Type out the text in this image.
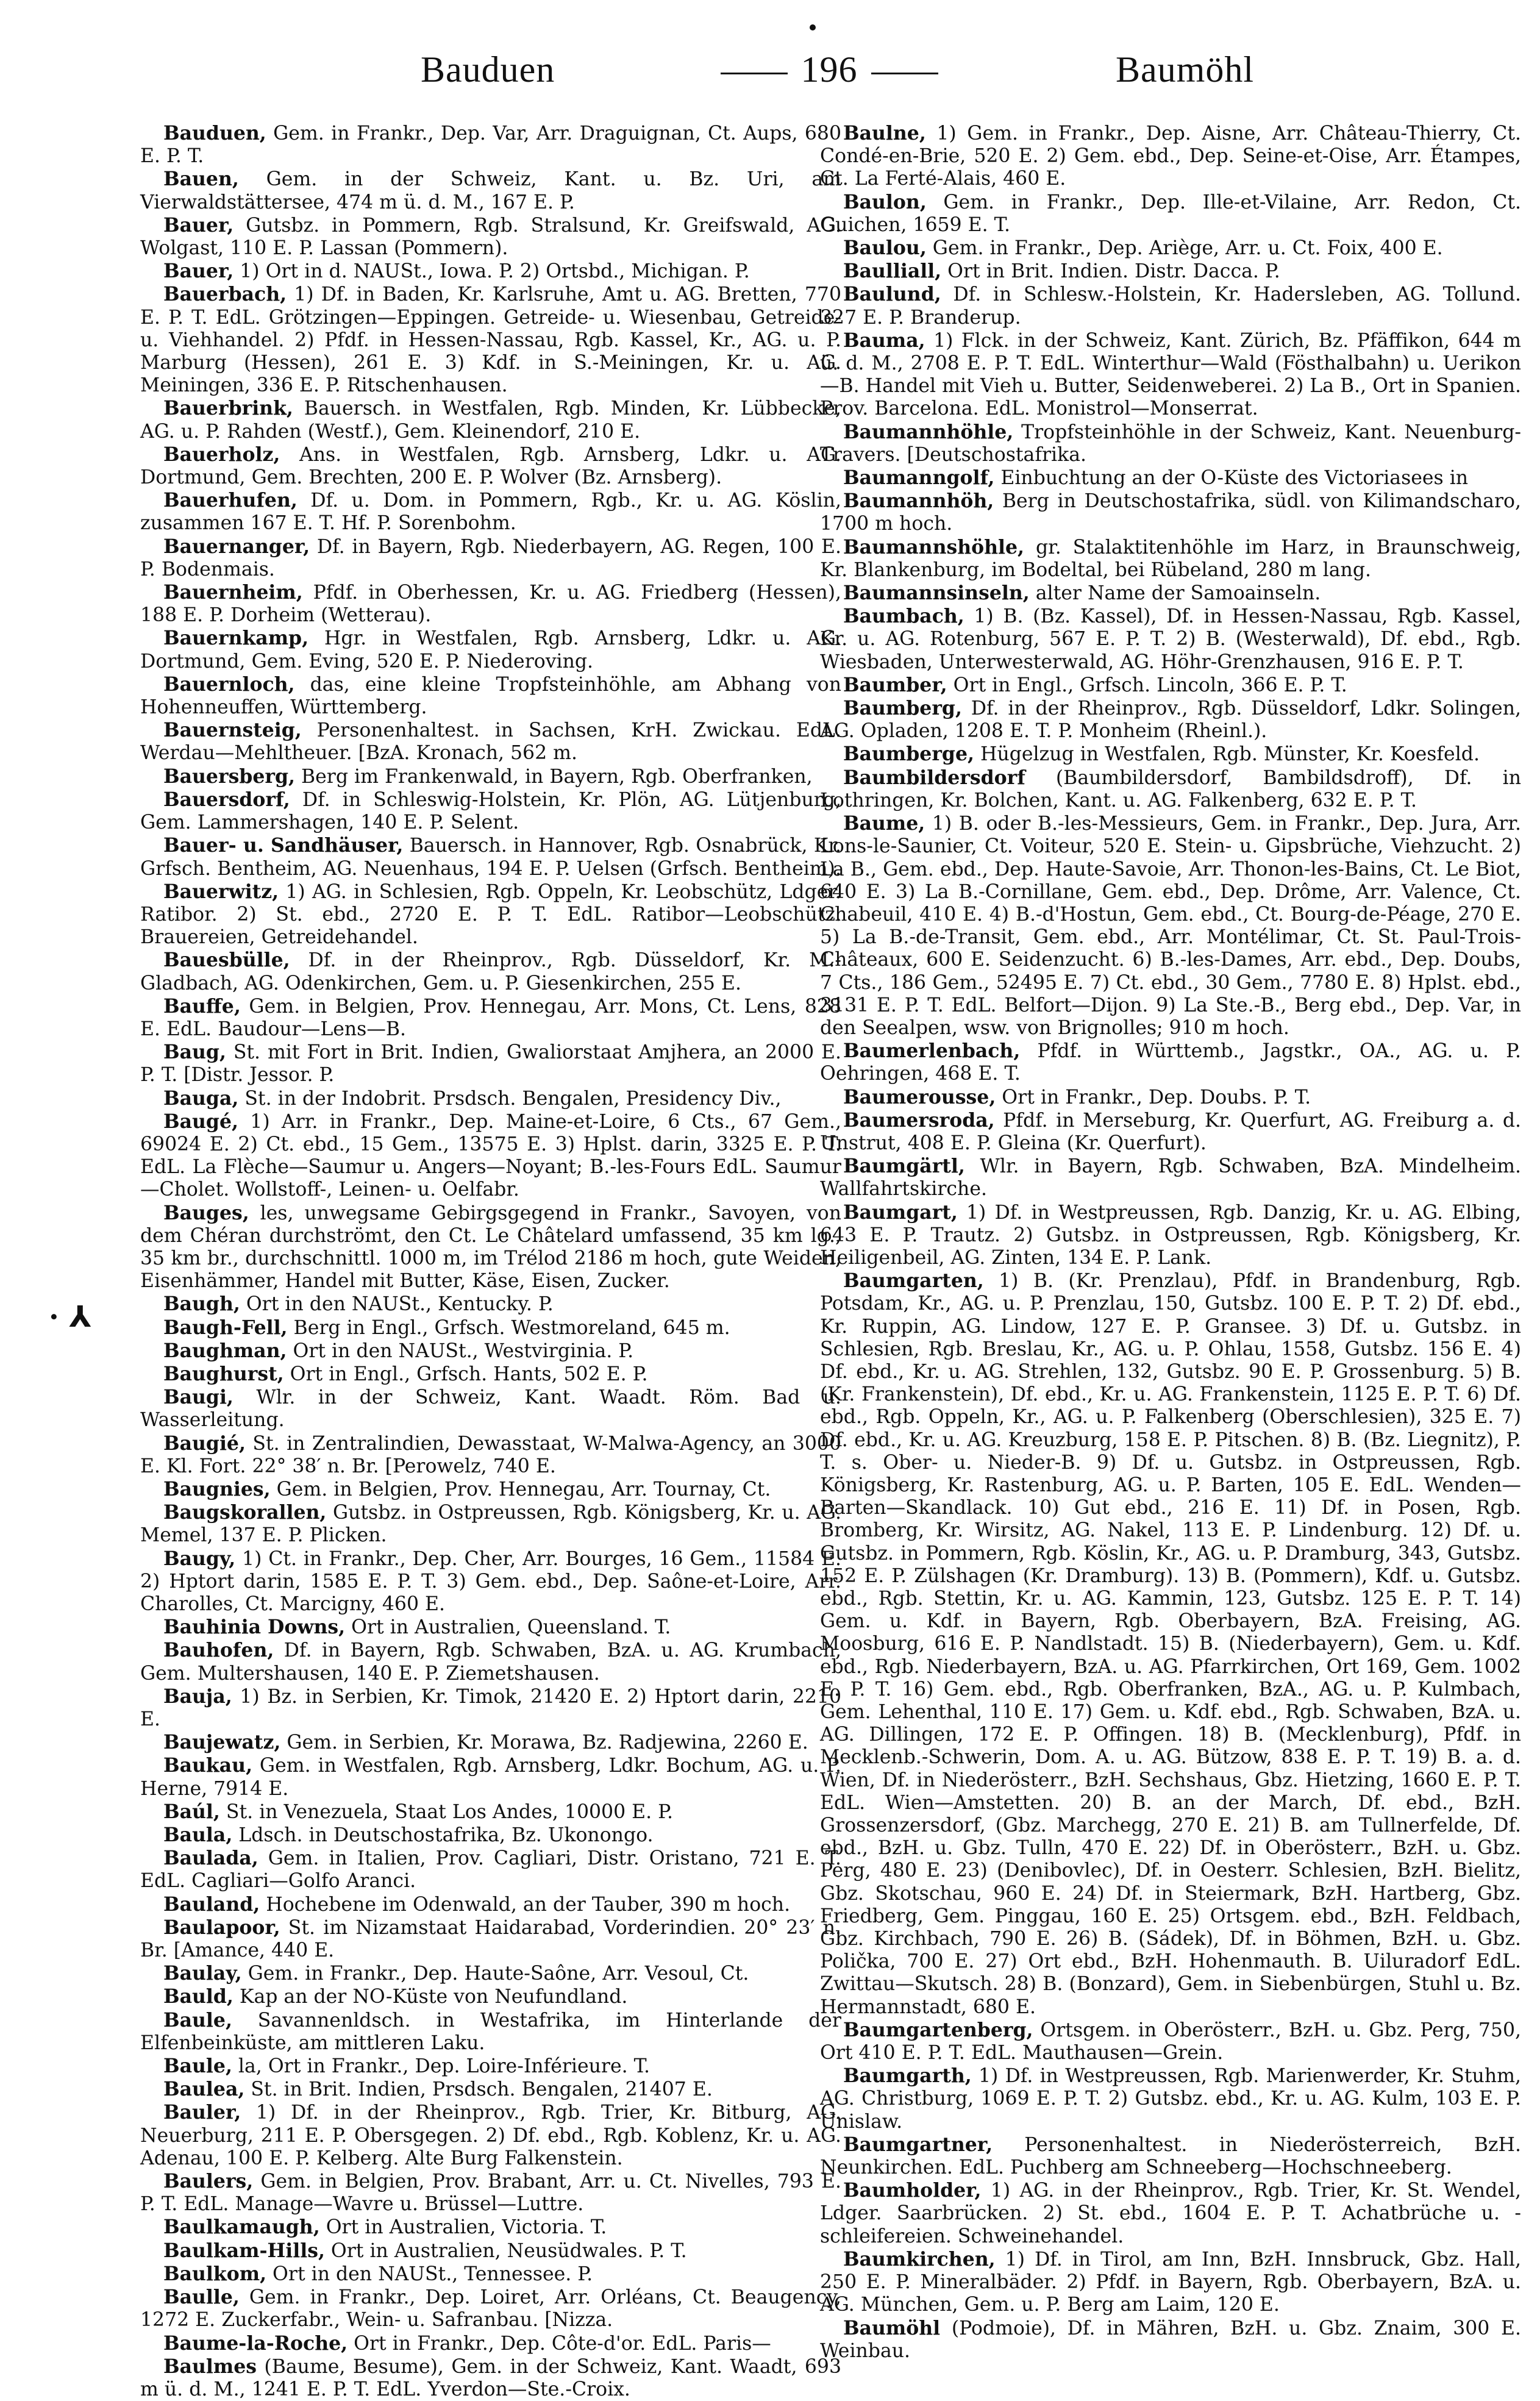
Bauduen	196	Baumöhl
· ⅄

Bauduen, Gem. in Frankr., Dep. Var, Arr. Draguignan, Ct. Aups, 680 E. P. T.

Bauen, Gem. in der Schweiz, Kant. u. Bz. Uri, am Vierwaldstättersee, 474 m ü. d. M., 167 E. P.

Bauer, Gutsbz. in Pommern, Rgb. Stralsund, Kr. Greifswald, AG. Wolgast, 110 E. P. Lassan (Pommern).

Bauer, 1) Ort in d. NAUSt., Iowa. P. 2) Ortsbd., Michigan. P.

Bauerbach, 1) Df. in Baden, Kr. Karlsruhe, Amt u. AG. Bretten, 770 E. P. T. EdL. Grötzingen—Eppingen. Getreide- u. Wiesenbau, Getreide- u. Viehhandel. 2) Pfdf. in Hessen-Nassau, Rgb. Kassel, Kr., AG. u. P. Marburg (Hessen), 261 E. 3) Kdf. in S.-Meiningen, Kr. u. AG. Meiningen, 336 E. P. Ritschenhausen.

Bauerbrink, Bauersch. in Westfalen, Rgb. Minden, Kr. Lübbecke, AG. u. P. Rahden (Westf.), Gem. Kleinendorf, 210 E.

Bauerholz, Ans. in Westfalen, Rgb. Arnsberg, Ldkr. u. AG. Dortmund, Gem. Brechten, 200 E. P. Wolver (Bz. Arnsberg).

Bauerhufen, Df. u. Dom. in Pommern, Rgb., Kr. u. AG. Köslin, zusammen 167 E. T. Hf. P. Sorenbohm.

Bauernanger, Df. in Bayern, Rgb. Niederbayern, AG. Regen, 100 E. P. Bodenmais.

Bauernheim, Pfdf. in Oberhessen, Kr. u. AG. Friedberg (Hessen), 188 E. P. Dorheim (Wetterau).

Bauernkamp, Hgr. in Westfalen, Rgb. Arnsberg, Ldkr. u. AG. Dortmund, Gem. Eving, 520 E. P. Niederoving.

Bauernloch, das, eine kleine Tropfsteinhöhle, am Abhang von Hohenneuffen, Württemberg.

Bauernsteig, Personenhaltest. in Sachsen, KrH. Zwickau. EdL. Werdau—Mehltheuer. [BzA. Kronach, 562 m.

Bauersberg, Berg im Frankenwald, in Bayern, Rgb. Oberfranken,

Bauersdorf, Df. in Schleswig-Holstein, Kr. Plön, AG. Lütjenburg, Gem. Lammershagen, 140 E. P. Selent.

Bauer- u. Sandhäuser, Bauersch. in Hannover, Rgb. Osnabrück, Kr. Grfsch. Bentheim, AG. Neuenhaus, 194 E. P. Uelsen (Grfsch. Bentheim).

Bauerwitz, 1) AG. in Schlesien, Rgb. Oppeln, Kr. Leobschütz, Ldger. Ratibor. 2) St. ebd., 2720 E. P. T. EdL. Ratibor—Leobschütz. Brauereien, Getreidehandel.

Bauesbülle, Df. in der Rheinprov., Rgb. Düsseldorf, Kr. M.-Gladbach, AG. Odenkirchen, Gem. u. P. Giesenkirchen, 255 E.

Bauffe, Gem. in Belgien, Prov. Hennegau, Arr. Mons, Ct. Lens, 828 E. EdL. Baudour—Lens—B.

Baug, St. mit Fort in Brit. Indien, Gwaliorstaat Amjhera, an 2000 E. P. T. [Distr. Jessor. P.

Bauga, St. in der Indobrit. Prsdsch. Bengalen, Presidency Div.,

Baugé, 1) Arr. in Frankr., Dep. Maine-et-Loire, 6 Cts., 67 Gem., 69024 E. 2) Ct. ebd., 15 Gem., 13575 E. 3) Hplst. darin, 3325 E. P. T. EdL. La Flèche—Saumur u. Angers—Noyant; B.-les-Fours EdL. Saumur—Cholet. Wollstoff-, Leinen- u. Oelfabr.

Bauges, les, unwegsame Gebirgsgegend in Frankr., Savoyen, von dem Chéran durchströmt, den Ct. Le Châtelard umfassend, 35 km lg., 35 km br., durchschnittl. 1000 m, im Trélod 2186 m hoch, gute Weiden, Eisenhämmer, Handel mit Butter, Käse, Eisen, Zucker.

Baugh, Ort in den NAUSt., Kentucky. P.

Baugh-Fell, Berg in Engl., Grfsch. Westmoreland, 645 m.

Baughman, Ort in den NAUSt., Westvirginia. P.

Baughurst, Ort in Engl., Grfsch. Hants, 502 E. P.

Baugi, Wlr. in der Schweiz, Kant. Waadt. Röm. Bad u. Wasserleitung.

Baugié, St. in Zentralindien, Dewasstaat, W-Malwa-Agency, an 3000 E. Kl. Fort. 22° 38′ n. Br. [Perowelz, 740 E.

Baugnies, Gem. in Belgien, Prov. Hennegau, Arr. Tournay, Ct.

Baugskorallen, Gutsbz. in Ostpreussen, Rgb. Königsberg, Kr. u. AG. Memel, 137 E. P. Plicken.

Baugy, 1) Ct. in Frankr., Dep. Cher, Arr. Bourges, 16 Gem., 11584 E. 2) Hptort darin, 1585 E. P. T. 3) Gem. ebd., Dep. Saône-et-Loire, Arr. Charolles, Ct. Marcigny, 460 E.

Bauhinia Downs, Ort in Australien, Queensland. T.

Bauhofen, Df. in Bayern, Rgb. Schwaben, BzA. u. AG. Krumbach, Gem. Multershausen, 140 E. P. Ziemetshausen.

Bauja, 1) Bz. in Serbien, Kr. Timok, 21420 E. 2) Hptort darin, 2210 E.

Baujewatz, Gem. in Serbien, Kr. Morawa, Bz. Radjewina, 2260 E.

Baukau, Gem. in Westfalen, Rgb. Arnsberg, Ldkr. Bochum, AG. u. P. Herne, 7914 E.

Baúl, St. in Venezuela, Staat Los Andes, 10000 E. P.

Baula, Ldsch. in Deutschostafrika, Bz. Ukonongo.

Baulada, Gem. in Italien, Prov. Cagliari, Distr. Oristano, 721 E. T. EdL. Cagliari—Golfo Aranci.

Bauland, Hochebene im Odenwald, an der Tauber, 390 m hoch.

Baulapoor, St. im Nizamstaat Haidarabad, Vorderindien. 20° 23′ n. Br. [Amance, 440 E.

Baulay, Gem. in Frankr., Dep. Haute-Saône, Arr. Vesoul, Ct.

Bauld, Kap an der NO-Küste von Neufundland.

Baule, Savannenldsch. in Westafrika, im Hinterlande der Elfenbeinküste, am mittleren Laku.

Baule, la, Ort in Frankr., Dep. Loire-Inférieure. T.

Bauleа, St. in Brit. Indien, Prsdsch. Bengalen, 21407 E.

Bauler, 1) Df. in der Rheinprov., Rgb. Trier, Kr. Bitburg, AG. Neuerburg, 211 E. P. Obersgegen. 2) Df. ebd., Rgb. Koblenz, Kr. u. AG. Adenau, 100 E. P. Kelberg. Alte Burg Falkenstein.

Baulers, Gem. in Belgien, Prov. Brabant, Arr. u. Ct. Nivelles, 793 E. P. T. EdL. Manage—Wavre u. Brüssel—Luttre.

Baulkamaugh, Ort in Australien, Victoria. T.

Baulkam-Hills, Ort in Australien, Neusüdwales. P. T.

Baulkom, Ort in den NAUSt., Tennessee. P.

Baulle, Gem. in Frankr., Dep. Loiret, Arr. Orléans, Ct. Beaugency, 1272 E. Zuckerfabr., Wein- u. Safranbau. [Nizza.

Baume-la-Roche, Ort in Frankr., Dep. Côte-d'or. EdL. Paris—

Baulmes (Baume, Besume), Gem. in der Schweiz, Kant. Waadt, 693 m ü. d. M., 1241 E. P. T. EdL. Yverdon—Ste.-Croix.

Baulne, 1) Gem. in Frankr., Dep. Aisne, Arr. Château-Thierry, Ct. Condé-en-Brie, 520 E. 2) Gem. ebd., Dep. Seine-et-Oise, Arr. Étampes, Ct. La Ferté-Alais, 460 E.

Baulon, Gem. in Frankr., Dep. Ille-et-Vilaine, Arr. Redon, Ct. Guichen, 1659 E. T.

Baulou, Gem. in Frankr., Dep. Ariège, Arr. u. Ct. Foix, 400 E.

Baulliall, Ort in Brit. Indien. Distr. Dacca. P.

Baulund, Df. in Schlesw.-Holstein, Kr. Hadersleben, AG. Tollund. 327 E. P. Branderup.

Bauma, 1) Flck. in der Schweiz, Kant. Zürich, Bz. Pfäffikon, 644 m ü. d. M., 2708 E. P. T. EdL. Winterthur—Wald (Fösthalbahn) u. Uerikon—B. Handel mit Vieh u. Butter, Seidenweberei. 2) La B., Ort in Spanien. Prov. Barcelona. EdL. Monistrol—Monserrat.

Baumannhöhle, Tropfsteinhöhle in der Schweiz, Kant. Neuenburg-Travers. [Deutschostafrika.

Baumanngolf, Einbuchtung an der O-Küste des Victoriasees in

Baumannhöh, Berg in Deutschostafrika, südl. von Kilimandscharo, 1700 m hoch.

Baumannshöhle, gr. Stalaktitenhöhle im Harz, in Braunschweig, Kr. Blankenburg, im Bodeltal, bei Rübeland, 280 m lang.

Baumannsinseln, alter Name der Samoainseln.

Baumbach, 1) B. (Bz. Kassel), Df. in Hessen-Nassau, Rgb. Kassel, Kr. u. AG. Rotenburg, 567 E. P. T. 2) B. (Westerwald), Df. ebd., Rgb. Wiesbaden, Unterwesterwald, AG. Höhr-Grenzhausen, 916 E. P. T.

Baumber, Ort in Engl., Grfsch. Lincoln, 366 E. P. T.

Baumberg, Df. in der Rheinprov., Rgb. Düsseldorf, Ldkr. Solingen, AG. Opladen, 1208 E. T. P. Monheim (Rheinl.).

Baumberge, Hügelzug in Westfalen, Rgb. Münster, Kr. Koesfeld.

Baumbildersdorf (Baumbildersdorf, Bambildsdroff), Df. in Lothringen, Kr. Bolchen, Kant. u. AG. Falkenberg, 632 E. P. T.

Baume, 1) B. oder B.-les-Messieurs, Gem. in Frankr., Dep. Jura, Arr. Lons-le-Saunier, Ct. Voiteur, 520 E. Stein- u. Gipsbrüche, Viehzucht. 2) La B., Gem. ebd., Dep. Haute-Savoie, Arr. Thonon-les-Bains, Ct. Le Biot, 640 E. 3) La B.-Cornillane, Gem. ebd., Dep. Drôme, Arr. Valence, Ct. Chabeuil, 410 E. 4) B.-d'Hostun, Gem. ebd., Ct. Bourg-de-Péage, 270 E. 5) La B.-de-Transit, Gem. ebd., Arr. Montélimar, Ct. St. Paul-Trois-Châteaux, 600 E. Seidenzucht. 6) B.-les-Dames, Arr. ebd., Dep. Doubs, 7 Cts., 186 Gem., 52495 E. 7) Ct. ebd., 30 Gem., 7780 E. 8) Hplst. ebd., 3131 E. P. T. EdL. Belfort—Dijon. 9) La Ste.-B., Berg ebd., Dep. Var, in den Seealpen, wsw. von Brignolles; 910 m hoch.

Baumerlenbach, Pfdf. in Württemb., Jagstkr., OA., AG. u. P. Oehringen, 468 E. T.

Baumerousse, Ort in Frankr., Dep. Doubs. P. T.

Baumersroda, Pfdf. in Merseburg, Kr. Querfurt, AG. Freiburg a. d. Unstrut, 408 E. P. Gleina (Kr. Querfurt).

Baumgärtl, Wlr. in Bayern, Rgb. Schwaben, BzA. Mindelheim. Wallfahrtskirche.

Baumgart, 1) Df. in Westpreussen, Rgb. Danzig, Kr. u. AG. Elbing, 643 E. P. Trautz. 2) Gutsbz. in Ostpreussen, Rgb. Königsberg, Kr. Heiligenbeil, AG. Zinten, 134 E. P. Lank.

Baumgarten, 1) B. (Kr. Prenzlau), Pfdf. in Brandenburg, Rgb. Potsdam, Kr., AG. u. P. Prenzlau, 150, Gutsbz. 100 E. P. T. 2) Df. ebd., Kr. Ruppin, AG. Lindow, 127 E. P. Gransee. 3) Df. u. Gutsbz. in Schlesien, Rgb. Breslau, Kr., AG. u. P. Ohlau, 1558, Gutsbz. 156 E. 4) Df. ebd., Kr. u. AG. Strehlen, 132, Gutsbz. 90 E. P. Grossenburg. 5) B. (Kr. Frankenstein), Df. ebd., Kr. u. AG. Frankenstein, 1125 E. P. T. 6) Df. ebd., Rgb. Oppeln, Kr., AG. u. P. Falkenberg (Oberschlesien), 325 E. 7) Df. ebd., Kr. u. AG. Kreuzburg, 158 E. P. Pitschen. 8) B. (Bz. Liegnitz), P. T. s. Ober- u. Nieder-B. 9) Df. u. Gutsbz. in Ostpreussen, Rgb. Königsberg, Kr. Rastenburg, AG. u. P. Barten, 105 E. EdL. Wenden—Barten—Skandlack. 10) Gut ebd., 216 E. 11) Df. in Posen, Rgb. Bromberg, Kr. Wirsitz, AG. Nakel, 113 E. P. Lindenburg. 12) Df. u. Gutsbz. in Pommern, Rgb. Köslin, Kr., AG. u. P. Dramburg, 343, Gutsbz. 152 E. P. Zülshagen (Kr. Dramburg). 13) B. (Pommern), Kdf. u. Gutsbz. ebd., Rgb. Stettin, Kr. u. AG. Kammin, 123, Gutsbz. 125 E. P. T. 14) Gem. u. Kdf. in Bayern, Rgb. Oberbayern, BzA. Freising, AG. Moosburg, 616 E. P. Nandlstadt. 15) B. (Niederbayern), Gem. u. Kdf. ebd., Rgb. Niederbayern, BzA. u. AG. Pfarrkirchen, Ort 169, Gem. 1002 E. P. T. 16) Gem. ebd., Rgb. Oberfranken, BzA., AG. u. P. Kulmbach, Gem. Lehenthal, 110 E. 17) Gem. u. Kdf. ebd., Rgb. Schwaben, BzA. u. AG. Dillingen, 172 E. P. Offingen. 18) B. (Mecklenburg), Pfdf. in Mecklenb.-Schwerin, Dom. A. u. AG. Bützow, 838 E. P. T. 19) B. a. d. Wien, Df. in Niederösterr., BzH. Sechshaus, Gbz. Hietzing, 1660 E. P. T. EdL. Wien—Amstetten. 20) B. an der March, Df. ebd., BzH. Grossenzersdorf, (Gbz. Marchegg, 270 E. 21) B. am Tullnerfelde, Df. ebd., BzH. u. Gbz. Tulln, 470 E. 22) Df. in Oberösterr., BzH. u. Gbz. Perg, 480 E. 23) (Denibovlec), Df. in Oesterr. Schlesien, BzH. Bielitz, Gbz. Skotschau, 960 E. 24) Df. in Steiermark, BzH. Hartberg, Gbz. Friedberg, Gem. Pinggau, 160 E. 25) Ortsgem. ebd., BzH. Feldbach, Gbz. Kirchbach, 790 E. 26) B. (Sádek), Df. in Böhmen, BzH. u. Gbz. Polička, 700 E. 27) Ort ebd., BzH. Hohenmauth. B. Uiluradorf EdL. Zwittau—Skutsch. 28) B. (Bonzard), Gem. in Siebenbürgen, Stuhl u. Bz. Hermannstadt, 680 E.

Baumgartenberg, Ortsgem. in Oberösterr., BzH. u. Gbz. Perg, 750, Ort 410 E. P. T. EdL. Mauthausen—Grein.

Baumgarth, 1) Df. in Westpreussen, Rgb. Marienwerder, Kr. Stuhm, AG. Christburg, 1069 E. P. T. 2) Gutsbz. ebd., Kr. u. AG. Kulm, 103 E. P. Unislaw.

Baumgartner, Personenhaltest. in Niederösterreich, BzH. Neunkirchen. EdL. Puchberg am Schneeberg—Hochschneeberg.

Baumholder, 1) AG. in der Rheinprov., Rgb. Trier, Kr. St. Wendel, Ldger. Saarbrücken. 2) St. ebd., 1604 E. P. T. Achatbrüche u. -schleifereien. Schweinehandel.

Baumkirchen, 1) Df. in Tirol, am Inn, BzH. Innsbruck, Gbz. Hall, 250 E. P. Mineralbäder. 2) Pfdf. in Bayern, Rgb. Oberbayern, BzA. u. AG. München, Gem. u. P. Berg am Laim, 120 E.

Baumöhl (Podmoie), Df. in Mähren, BzH. u. Gbz. Znaim, 300 E. Weinbau.
